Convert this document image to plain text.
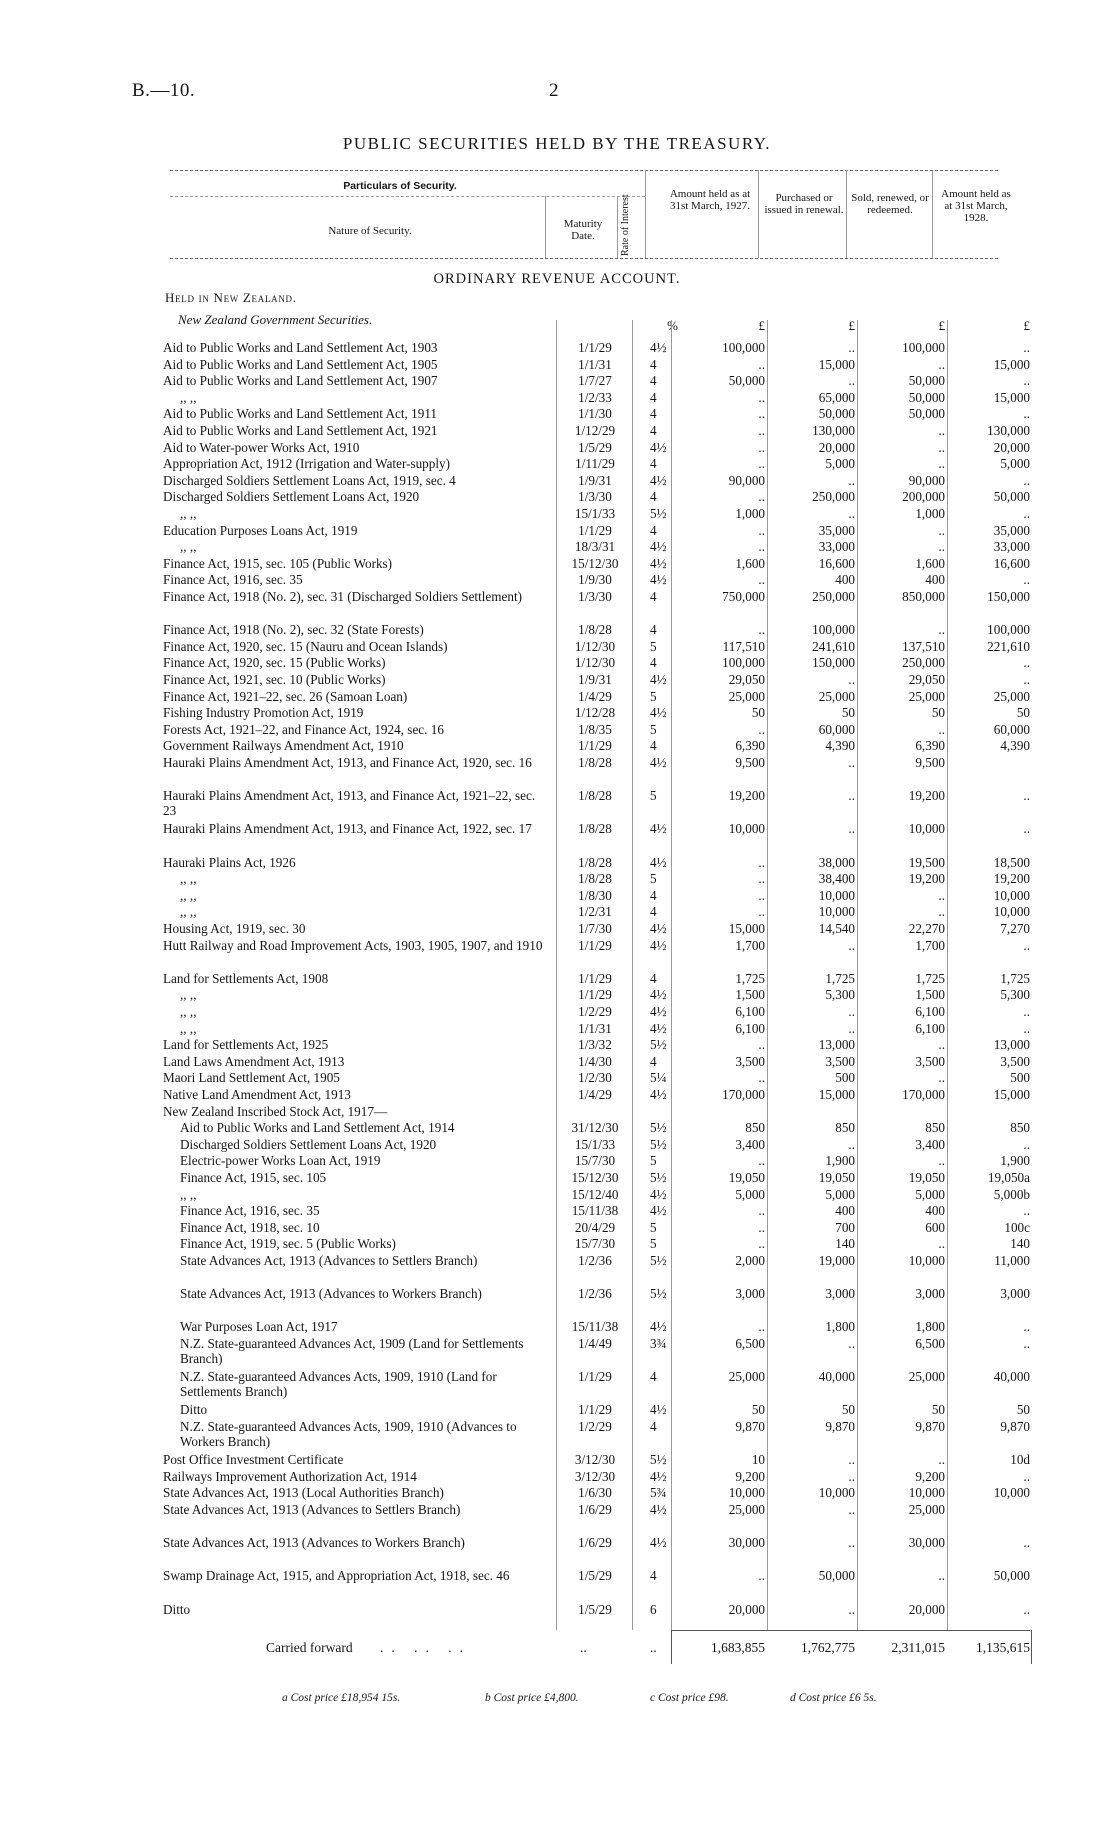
B.—10.	2
PUBLIC SECURITIES HELD BY THE TREASURY.
Particulars of Security.
Nature of Security.
Maturity Date.	Rate of Interest
Amount held as at 31st March, 1927.
Purchased or issued in renewal.
Sold, renewed, or redeemed.
Amount held as at 31st March, 1928.
ORDINARY REVENUE ACCOUNT.
Held in New Zealand.
New Zealand Government Securities.	%	£	£	£	£
Aid to Public Works and Land Settlement Act, 1903	1/1/29	4½	100,000	..	100,000	..
Aid to Public Works and Land Settlement Act, 1905	1/1/31	4	..	15,000	..	15,000
Aid to Public Works and Land Settlement Act, 1907	1/7/27	4	50,000	..	50,000	..
,, ,,	1/2/33	4	..	65,000	50,000	15,000
Aid to Public Works and Land Settlement Act, 1911	1/1/30	4	..	50,000	50,000	..
Aid to Public Works and Land Settlement Act, 1921	1/12/29	4	..	130,000	..	130,000
Aid to Water-power Works Act, 1910	1/5/29	4½	..	20,000	..	20,000
Appropriation Act, 1912 (Irrigation and Water-supply)	1/11/29	4	..	5,000	..	5,000
Discharged Soldiers Settlement Loans Act, 1919, sec. 4	1/9/31	4½	90,000	..	90,000	..
Discharged Soldiers Settlement Loans Act, 1920	1/3/30	4	..	250,000	200,000	50,000
,, ,,	15/1/33	5½	1,000	..	1,000	..
Education Purposes Loans Act, 1919	1/1/29	4	..	35,000	..	35,000
,, ,,	18/3/31	4½	..	33,000	..	33,000
Finance Act, 1915, sec. 105 (Public Works)	15/12/30	4½	1,600	16,600	1,600	16,600
Finance Act, 1916, sec. 35	1/9/30	4½	..	400	400	..
Finance Act, 1918 (No. 2), sec. 31 (Discharged Soldiers Settlement)	1/3/30	4	750,000	250,000	850,000	150,000
Finance Act, 1918 (No. 2), sec. 32 (State Forests)	1/8/28	4	..	100,000	..	100,000
Finance Act, 1920, sec. 15 (Nauru and Ocean Islands)	1/12/30	5	117,510	241,610	137,510	221,610
Finance Act, 1920, sec. 15 (Public Works)	1/12/30	4	100,000	150,000	250,000	..
Finance Act, 1921, sec. 10 (Public Works)	1/9/31	4½	29,050	..	29,050	..
Finance Act, 1921–22, sec. 26 (Samoan Loan)	1/4/29	5	25,000	25,000	25,000	25,000
Fishing Industry Promotion Act, 1919	1/12/28	4½	50	50	50	50
Forests Act, 1921–22, and Finance Act, 1924, sec. 16	1/8/35	5	..	60,000	..	60,000
Government Railways Amendment Act, 1910	1/1/29	4	6,390	4,390	6,390	4,390
Hauraki Plains Amendment Act, 1913, and Finance Act, 1920, sec. 16	1/8/28	4½	9,500	..	9,500
Hauraki Plains Amendment Act, 1913, and Finance Act, 1921–22, sec. 23
1/8/28	5	19,200	..	19,200	..
Hauraki Plains Amendment Act, 1913, and Finance Act, 1922, sec. 17	1/8/28	4½	10,000	..	10,000	..
Hauraki Plains Act, 1926	1/8/28	4½	..	38,000	19,500	18,500
,, ,,	1/8/28	5	..	38,400	19,200	19,200
,, ,,	1/8/30	4	..	10,000	..	10,000
,, ,,	1/2/31	4	..	10,000	..	10,000
Housing Act, 1919, sec. 30	1/7/30	4½	15,000	14,540	22,270	7,270
Hutt Railway and Road Improvement Acts, 1903, 1905, 1907, and 1910	1/1/29	4½	1,700	..	1,700	..
Land for Settlements Act, 1908	1/1/29	4	1,725	1,725	1,725	1,725
,, ,,	1/1/29	4½	1,500	5,300	1,500	5,300
,, ,,	1/2/29	4½	6,100	..	6,100	..
,, ,,	1/1/31	4½	6,100	..	6,100	..
Land for Settlements Act, 1925	1/3/32	5½	..	13,000	..	13,000
Land Laws Amendment Act, 1913	1/4/30	4	3,500	3,500	3,500	3,500
Maori Land Settlement Act, 1905	1/2/30	5¼	..	500	..	500
Native Land Amendment Act, 1913	1/4/29	4½	170,000	15,000	170,000	15,000
New Zealand Inscribed Stock Act, 1917—
Aid to Public Works and Land Settlement Act, 1914	31/12/30	5½	850	850	850	850
Discharged Soldiers Settlement Loans Act, 1920	15/1/33	5½	3,400	..	3,400	..
Electric-power Works Loan Act, 1919	15/7/30	5	..	1,900	..	1,900
Finance Act, 1915, sec. 105	15/12/30	5½	19,050	19,050	19,050	19,050a
,, ,,	15/12/40	4½	5,000	5,000	5,000	5,000b
Finance Act, 1916, sec. 35	15/11/38	4½	..	400	400	..
Finance Act, 1918, sec. 10	20/4/29	5	..	700	600	100c
Finance Act, 1919, sec. 5 (Public Works)	15/7/30	5	..	140	..	140
State Advances Act, 1913 (Advances to Settlers Branch)	1/2/36	5½	2,000	19,000	10,000	11,000
State Advances Act, 1913 (Advances to Workers Branch)	1/2/36	5½	3,000	3,000	3,000	3,000
War Purposes Loan Act, 1917	15/11/38	4½	..	1,800	1,800	..
N.Z. State-guaranteed Advances Act, 1909 (Land for Settlements Branch)
1/4/49	3¾	6,500	..	6,500	..
N.Z. State-guaranteed Advances Acts, 1909, 1910 (Land for Settlements Branch)
1/1/29	4	25,000	40,000	25,000	40,000
Ditto	1/1/29	4½	50	50	50	50
N.Z. State-guaranteed Advances Acts, 1909, 1910 (Advances to Workers Branch)
1/2/29	4	9,870	9,870	9,870	9,870
Post Office Investment Certificate	3/12/30	5½	10	..	..	10d
Railways Improvement Authorization Act, 1914	3/12/30	4½	9,200	..	9,200	..
State Advances Act, 1913 (Local Authorities Branch)	1/6/30	5¾	10,000	10,000	10,000	10,000
State Advances Act, 1913 (Advances to Settlers Branch)	1/6/29	4½	25,000	..	25,000
State Advances Act, 1913 (Advances to Workers Branch)	1/6/29	4½	30,000	..	30,000	..
Swamp Drainage Act, 1915, and Appropriation Act, 1918, sec. 46	1/5/29	4	..	50,000	..	50,000
Ditto	1/5/29	6	20,000	..	20,000	..
Carried forward .. .. ..	..	..	1,683,855	1,762,775	2,311,015	1,135,615
a Cost price £18,954 15s.	b Cost price £4,800.	c Cost price £98.	d Cost price £6 5s.
